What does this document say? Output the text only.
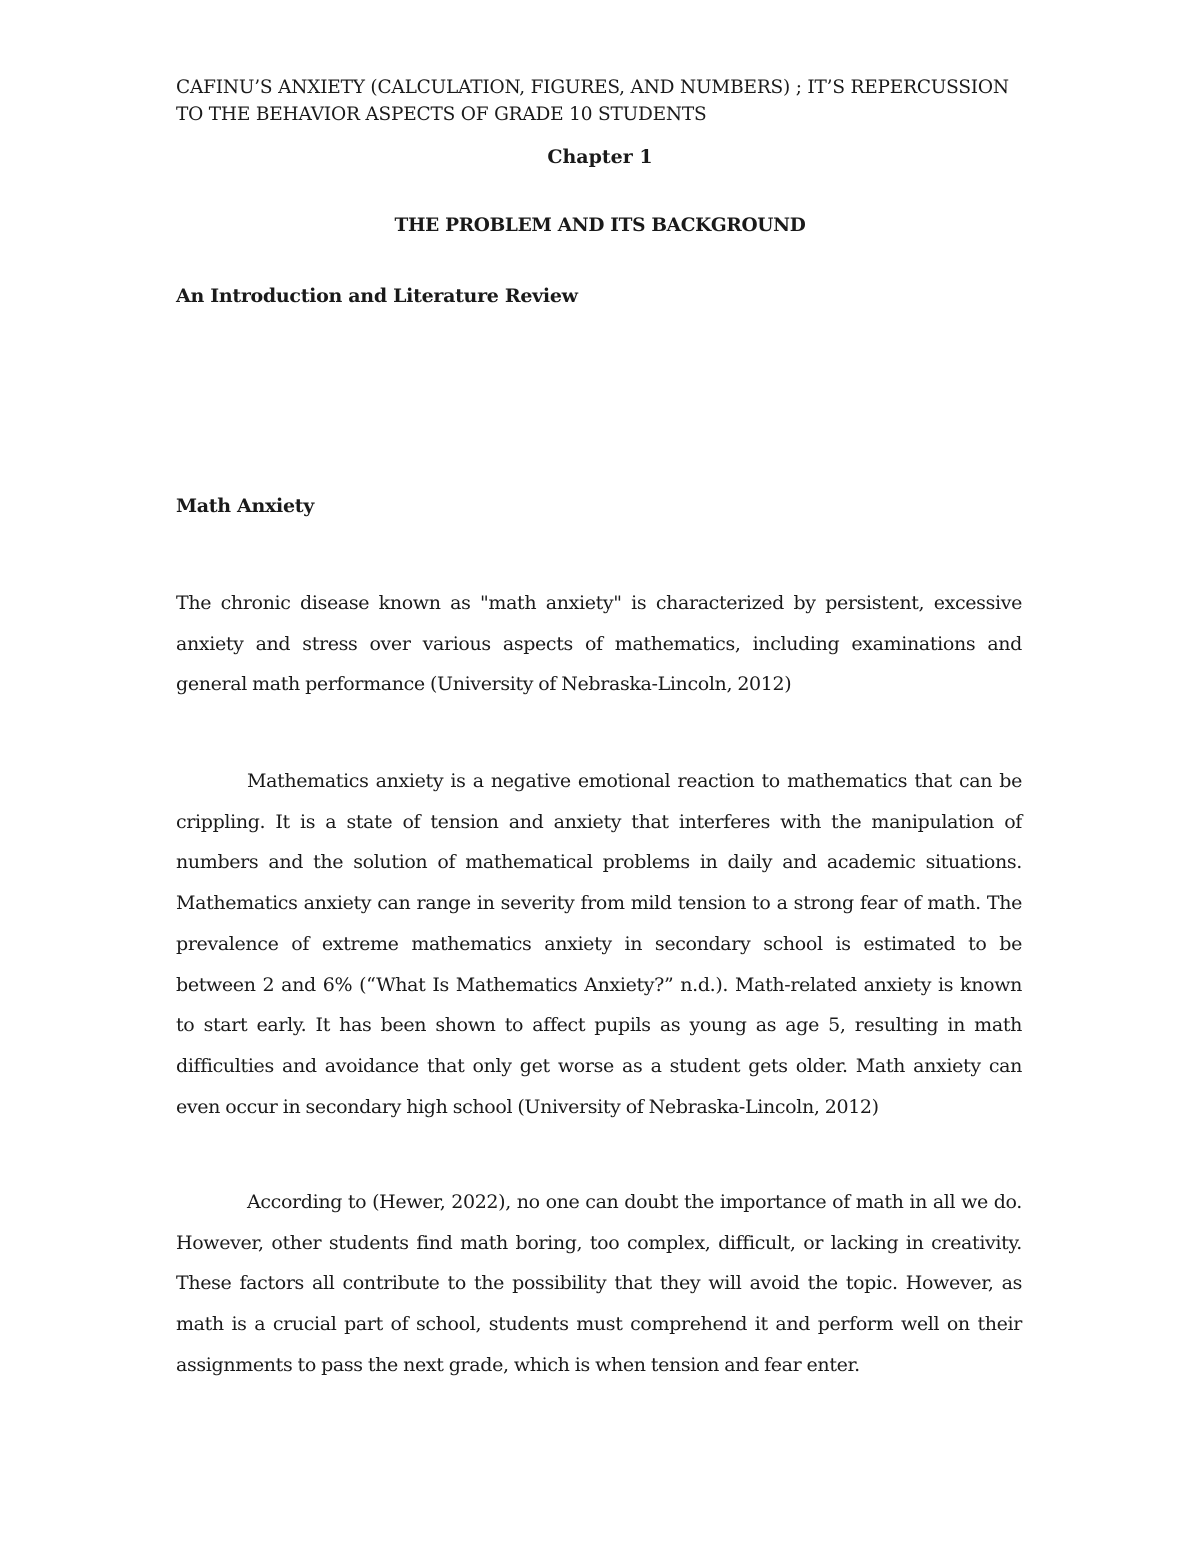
CAFINU’S ANXIETY (CALCULATION, FIGURES, AND NUMBERS) ; IT’S REPERCUSSION TO THE BEHAVIOR ASPECTS OF GRADE 10 STUDENTS

Chapter 1

THE PROBLEM AND ITS BACKGROUND

An Introduction and Literature Review

Math Anxiety

The chronic disease known as "math anxiety" is characterized by persistent, excessive anxiety and stress over various aspects of mathematics, including examinations and general math performance (University of Nebraska-Lincoln, 2012)

Mathematics anxiety is a negative emotional reaction to mathematics that can be crippling. It is a state of tension and anxiety that interferes with the manipulation of numbers and the solution of mathematical problems in daily and academic situations. Mathematics anxiety can range in severity from mild tension to a strong fear of math. The prevalence of extreme mathematics anxiety in secondary school is estimated to be between 2 and 6% (“What Is Mathematics Anxiety?” n.d.). Math-related anxiety is known to start early. It has been shown to affect pupils as young as age 5, resulting in math difficulties and avoidance that only get worse as a student gets older. Math anxiety can even occur in secondary high school (University of Nebraska-Lincoln, 2012)

According to (Hewer, 2022), no one can doubt the importance of math in all we do. However, other students find math boring, too complex, difficult, or lacking in creativity. These factors all contribute to the possibility that they will avoid the topic. However, as math is a crucial part of school, students must comprehend it and perform well on their assignments to pass the next grade, which is when tension and fear enter.
